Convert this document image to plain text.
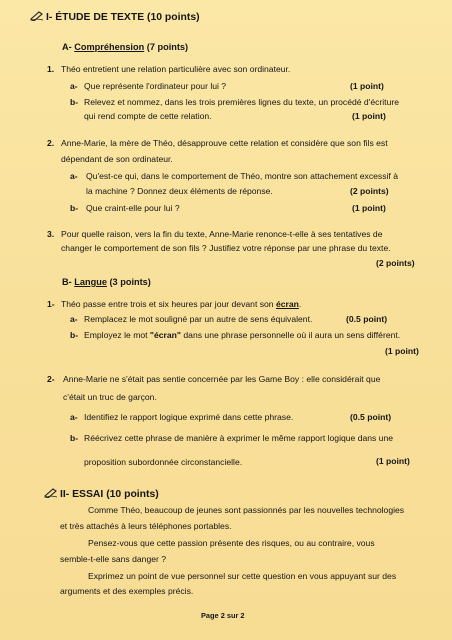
I- ÉTUDE DE TEXTE (10 points)
A- Compréhension (7 points)
1. Théo entretient une relation particulière avec son ordinateur.
a- Que représente l'ordinateur pour lui ?	(1 point)
b- Relevez et nommez, dans les trois premières lignes du texte, un procédé d'écriture
qui rend compte de cette relation.	(1 point)
2. Anne-Marie, la mère de Théo, désapprouve cette relation et considère que son fils est
dépendant de son ordinateur.
a- Qu'est-ce qui, dans le comportement de Théo, montre son attachement excessif à
la machine ? Donnez deux éléments de réponse.	(2 points)
b- Que craint-elle pour lui ?	(1 point)
3. Pour quelle raison, vers la fin du texte, Anne-Marie renonce-t-elle à ses tentatives de
changer le comportement de son fils ? Justifiez votre réponse par une phrase du texte.
(2 points)
B- Langue (3 points)
1- Théo passe entre trois et six heures par jour devant son écran.
a- Remplacez le mot souligné par un autre de sens équivalent.	(0.5 point)
b- Employez le mot "écran" dans une phrase personnelle où il aura un sens différent.
(1 point)
2- Anne-Marie ne s'était pas sentie concernée par les Game Boy : elle considérait que
c'était un truc de garçon.
a- Identifiez le rapport logique exprimé dans cette phrase.	(0.5 point)
b- Réécrivez cette phrase de manière à exprimer le même rapport logique dans une
proposition subordonnée circonstancielle.	(1 point)
II- ESSAI (10 points)
Comme Théo, beaucoup de jeunes sont passionnés par les nouvelles technologies
et très attachés à leurs téléphones portables.
Pensez-vous que cette passion présente des risques, ou au contraire, vous
semble-t-elle sans danger ?
Exprimez un point de vue personnel sur cette question en vous appuyant sur des
arguments et des exemples précis.
Page 2 sur 2
